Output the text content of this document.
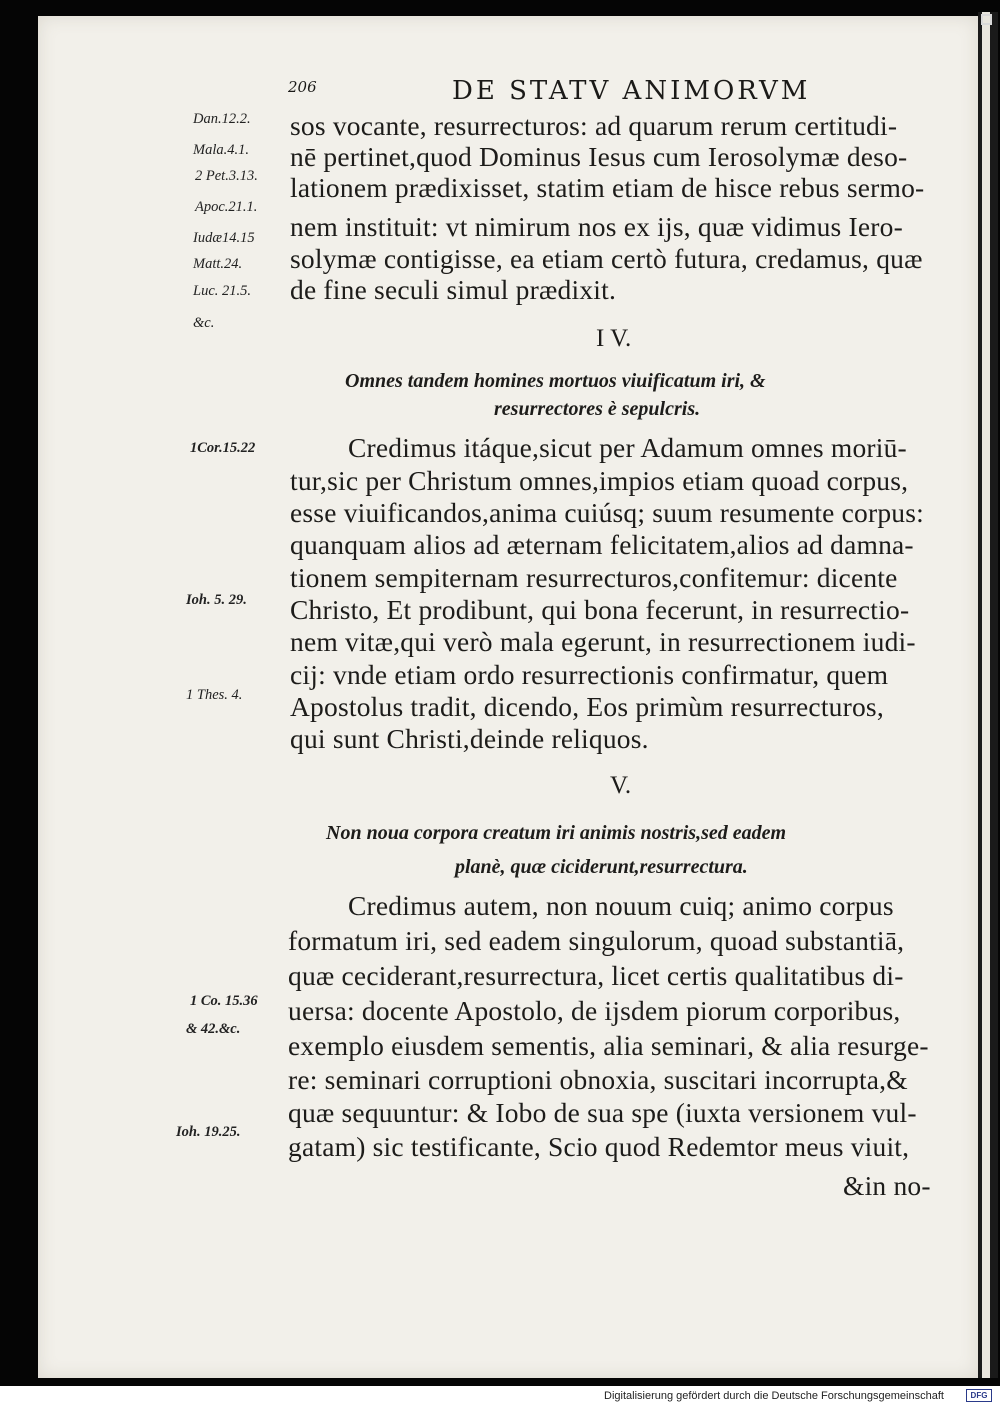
206	DE STATV ANIMORVM
Dan.12.2.
Mala.4.1.
2 Pet.3.13.
Apoc.21.1.
Iudæ14.15
Matt.24.
Luc. 21.5.
&c.
1Cor.15.22
Ioh. 5. 29.
1 Thes. 4.
1 Co. 15.36
& 42.&c.
Ioh. 19.25.
sos vocante, resurrecturos: ad quarum rerum certitudi-
nē pertinet,quod Dominus Iesus cum Ierosolymæ deso-
lationem prædixisset, statim etiam de hisce rebus sermo-
nem instituit: vt nimirum nos ex ijs, quæ vidimus Iero-
solymæ contigisse, ea etiam certò futura, credamus, quæ
de fine seculi simul prædixit.
I V.
Omnes tandem homines mortuos viuificatum iri, &
resurrectores è sepulcris.
Credimus itáque,sicut per Adamum omnes moriū-
tur,sic per Christum omnes,impios etiam quoad corpus,
esse viuificandos,anima cuiúsq; suum resumente corpus:
quanquam alios ad æternam felicitatem,alios ad damna-
tionem sempiternam resurrecturos,confitemur: dicente
Christo, Et prodibunt, qui bona fecerunt, in resurrectio-
nem vitæ,qui verò mala egerunt, in resurrectionem iudi-
cij: vnde etiam ordo resurrectionis confirmatur, quem
Apostolus tradit, dicendo, Eos primùm resurrecturos,
qui sunt Christi,deinde reliquos.
V.
Non noua corpora creatum iri animis nostris,sed eadem
planè, quæ ciciderunt,resurrectura.
Credimus autem, non nouum cuiq; animo corpus
formatum iri, sed eadem singulorum, quoad substantiā,
quæ ceciderant,resurrectura, licet certis qualitatibus di-
uersa: docente Apostolo, de ijsdem piorum corporibus,
exemplo eiusdem sementis, alia seminari, & alia resurge-
re: seminari corruptioni obnoxia, suscitari incorrupta,&
quæ sequuntur: & Iobo de sua spe (iuxta versionem vul-
gatam) sic testificante, Scio quod Redemtor meus viuit,
&in no-
Digitalisierung gefördert durch die Deutsche Forschungsgemeinschaft	DFG
